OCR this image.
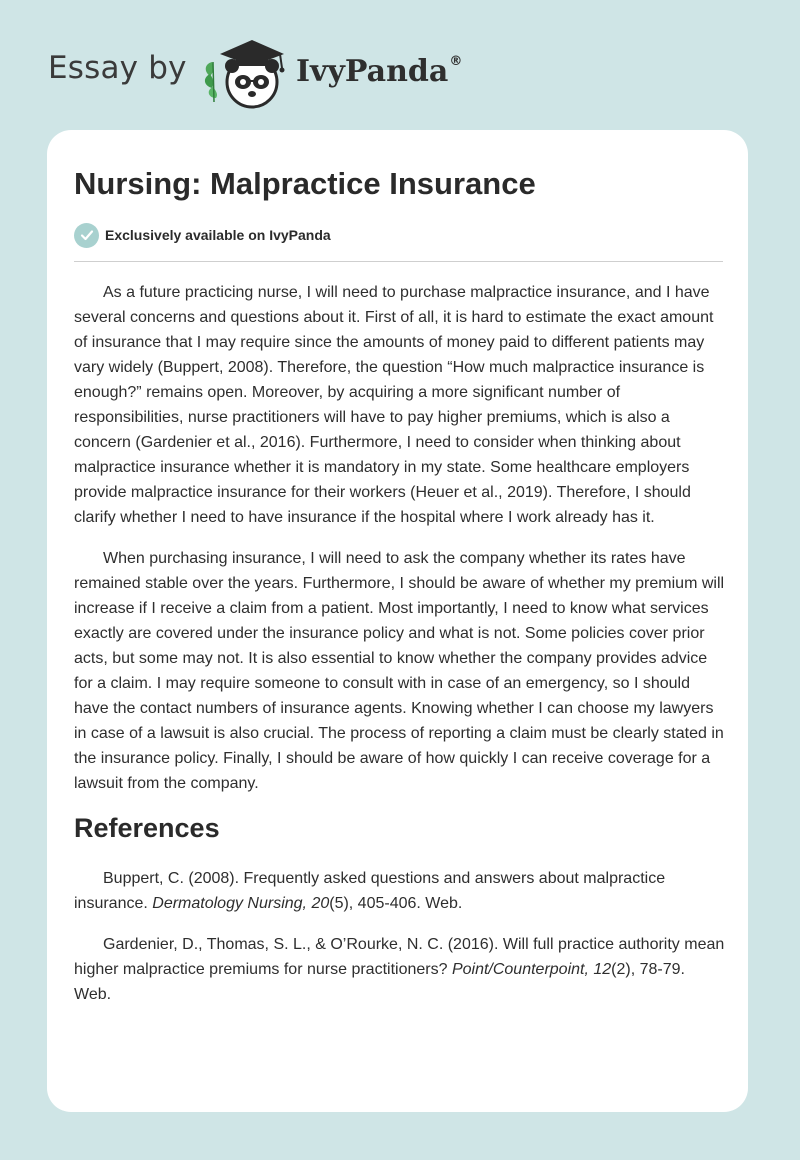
Essay by	IvyPanda®
Nursing: Malpractice Insurance
Exclusively available on IvyPanda

As a future practicing nurse, I will need to purchase malpractice insurance, and I have several concerns and questions about it. First of all, it is hard to estimate the exact amount of insurance that I may require since the amounts of money paid to different patients may vary widely (Buppert, 2008). Therefore, the question “How much malpractice insurance is enough?” remains open. Moreover, by acquiring a more significant number of responsibilities, nurse practitioners will have to pay higher premiums, which is also a concern (Gardenier et al., 2016). Furthermore, I need to consider when thinking about malpractice insurance whether it is mandatory in my state. Some healthcare employers provide malpractice insurance for their workers (Heuer et al., 2019). Therefore, I should clarify whether I need to have insurance if the hospital where I work already has it.

When purchasing insurance, I will need to ask the company whether its rates have remained stable over the years. Furthermore, I should be aware of whether my premium will increase if I receive a claim from a patient. Most importantly, I need to know what services exactly are covered under the insurance policy and what is not. Some policies cover prior acts, but some may not. It is also essential to know whether the company provides advice for a claim. I may require someone to consult with in case of an emergency, so I should have the contact numbers of insurance agents. Knowing whether I can choose my lawyers in case of a lawsuit is also crucial. The process of reporting a claim must be clearly stated in the insurance policy. Finally, I should be aware of how quickly I can receive coverage for a lawsuit from the company.

References

Buppert, C. (2008). Frequently asked questions and answers about malpractice insurance. Dermatology Nursing, 20(5), 405-406. Web.

Gardenier, D., Thomas, S. L., & O’Rourke, N. C. (2016). Will full practice authority mean higher malpractice premiums for nurse practitioners? Point/Counterpoint, 12(2), 78-79. Web.
